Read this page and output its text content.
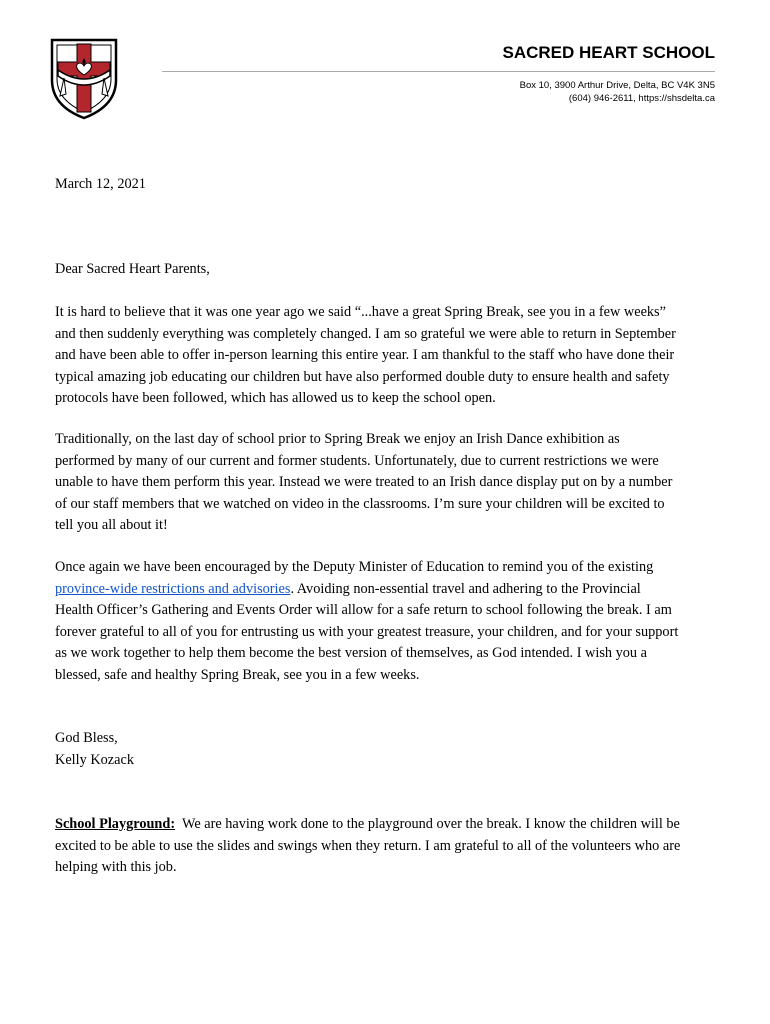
SACRED HEART SCHOOL
Box 10, 3900 Arthur Drive, Delta, BC V4K 3N5
(604) 946-2611, https://shsdelta.ca
March 12, 2021
Dear Sacred Heart Parents,
It is hard to believe that it was one year ago we said “...have a great Spring Break, see you in a few weeks”
and then suddenly everything was completely changed. I am so grateful we were able to return in September
and have been able to offer in-person learning this entire year. I am thankful to the staff who have done their
typical amazing job educating our children but have also performed double duty to ensure health and safety
protocols have been followed, which has allowed us to keep the school open.
Traditionally, on the last day of school prior to Spring Break we enjoy an Irish Dance exhibition as
performed by many of our current and former students. Unfortunately, due to current restrictions we were
unable to have them perform this year. Instead we were treated to an Irish dance display put on by a number
of our staff members that we watched on video in the classrooms. I’m sure your children will be excited to
tell you all about it!
Once again we have been encouraged by the Deputy Minister of Education to remind you of the existing
province-wide restrictions and advisories. Avoiding non-essential travel and adhering to the Provincial
Health Officer’s Gathering and Events Order will allow for a safe return to school following the break. I am
forever grateful to all of you for entrusting us with your greatest treasure, your children, and for your support
as we work together to help them become the best version of themselves, as God intended. I wish you a
blessed, safe and healthy Spring Break, see you in a few weeks.
God Bless,
Kelly Kozack
School Playground:  We are having work done to the playground over the break. I know the children will be
excited to be able to use the slides and swings when they return. I am grateful to all of the volunteers who are
helping with this job.
